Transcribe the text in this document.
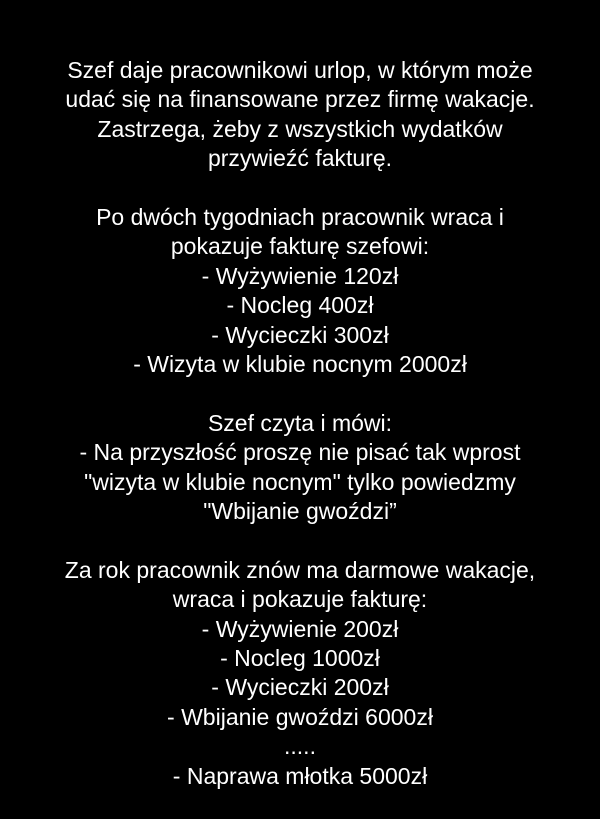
Szef daje pracownikowi urlop, w którym może
udać się na finansowane przez firmę wakacje.
Zastrzega, żeby z wszystkich wydatków
przywieźć fakturę.
Po dwóch tygodniach pracownik wraca i
pokazuje fakturę szefowi:
- Wyżywienie 120zł
- Nocleg 400zł
- Wycieczki 300zł
- Wizyta w klubie nocnym 2000zł
Szef czyta i mówi:
- Na przyszłość proszę nie pisać tak wprost
"wizyta w klubie nocnym" tylko powiedzmy
"Wbijanie gwoździ”
Za rok pracownik znów ma darmowe wakacje,
wraca i pokazuje fakturę:
- Wyżywienie 200zł
- Nocleg 1000zł
- Wycieczki 200zł
- Wbijanie gwoździ 6000zł
.....
- Naprawa młotka 5000zł
